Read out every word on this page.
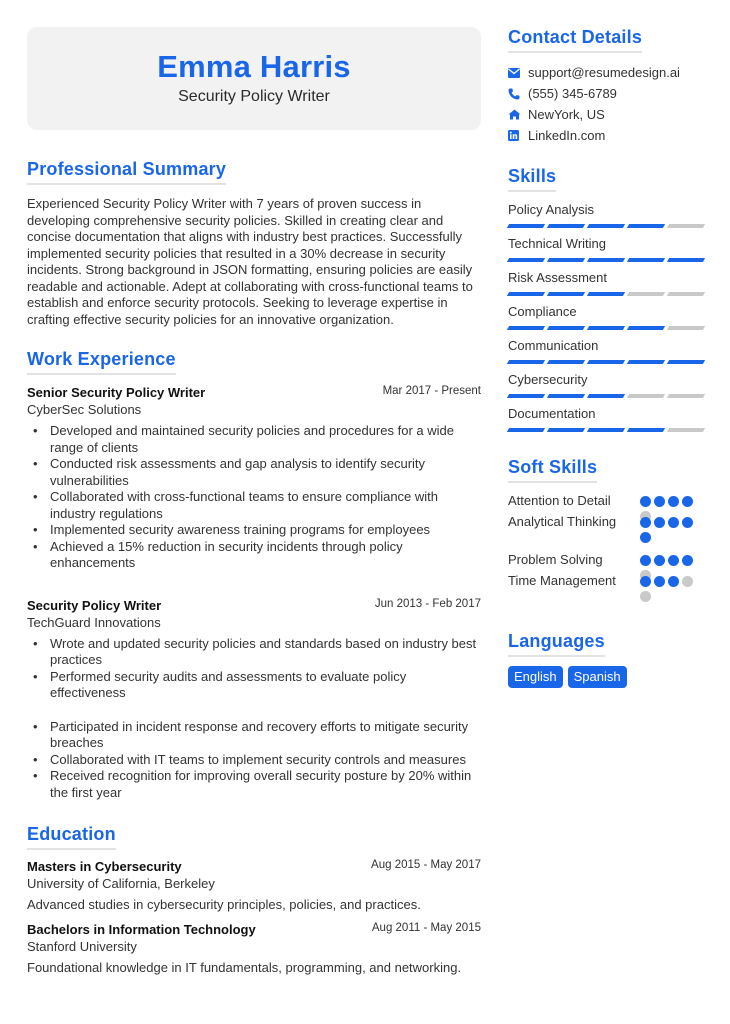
Emma Harris
Security Policy Writer
Professional Summary

Experienced Security Policy Writer with 7 years of proven success in developing comprehensive security policies. Skilled in creating clear and concise documentation that aligns with industry best practices. Successfully implemented security policies that resulted in a 30% decrease in security incidents. Strong background in JSON formatting, ensuring policies are easily readable and actionable. Adept at collaborating with cross-functional teams to establish and enforce security protocols. Seeking to leverage expertise in crafting effective security policies for an innovative organization.

Work Experience
Senior Security Policy Writer	Mar 2017 - Present
CyberSec Solutions
• Developed and maintained security policies and procedures for a wide range of clients
• Conducted risk assessments and gap analysis to identify security vulnerabilities
• Collaborated with cross-functional teams to ensure compliance with industry regulations
• Implemented security awareness training programs for employees
• Achieved a 15% reduction in security incidents through policy enhancements
Security Policy Writer	Jun 2013 - Feb 2017
TechGuard Innovations
• Wrote and updated security policies and standards based on industry best practices
• Performed security audits and assessments to evaluate policy effectiveness
• Participated in incident response and recovery efforts to mitigate security breaches
• Collaborated with IT teams to implement security controls and measures
• Received recognition for improving overall security posture by 20% within the first year
Education
Masters in Cybersecurity	Aug 2015 - May 2017
University of California, Berkeley
Advanced studies in cybersecurity principles, policies, and practices.
Bachelors in Information Technology	Aug 2011 - May 2015
Stanford University
Foundational knowledge in IT fundamentals, programming, and networking.
Contact Details
support@resumedesign.ai
(555) 345-6789
NewYork, US
LinkedIn.com
Skills
Policy Analysis
Technical Writing
Risk Assessment
Compliance
Communication
Cybersecurity
Documentation
Soft Skills
Attention to Detail
Analytical Thinking
Problem Solving
Time Management
Languages
English	Spanish
